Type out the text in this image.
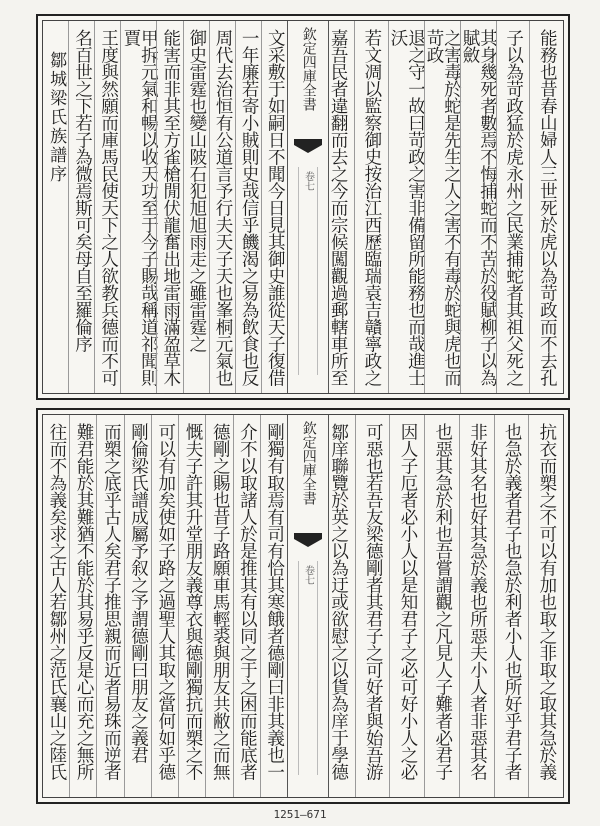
能務也昔春山婦人三世死於虎以為苛政而不去孔
子以為苛政猛於虎永州之民業捕蛇者其祖父死之
其身幾死者數焉不悔捕蛇而不苦於役賦柳子以為賦斂
之害毒於蛇是先生之人之害不有毒於蛇與虎也而苛政
退之守一故曰苛政之害非備留所能務也而哉進士沃
若文凋以監察御史按治江西歷臨瑞袁吉贛寧政之
嘉吾民者違翻而去之今而宗候闖觀過郵轄車所至
欽定四庫全書
卷七
文采敷于如嗣日不聞今日見其御史誰從天子復借
一年廉若寄小賊則史哉信乎饑渴之易為飲食也反
周代去治恒有公道言予行夫天子天也峯桐元氣也
御史雷霆也變山陂石犯旭旭雨走之雖雷霆之
能害而非其至方雀槍閒伏龍奮出地雷雨滿盈草木
甲拆元氣和暢以收天功至于今子賜哉稱道祁聞則賈
王度與然願而庫馬民使天下之人欲教兵德而不可
名百世之下若子為微焉斯可矣母自至羅倫序
鄒城梁氏族譜序
抗衣而槊之不可以有加也取之非取之取其急於義
也急於義者君子也急於利者小人也所好乎君子者
非好其名也好其急於義也所惡夫小人者非惡其名
也惡其急於利也吾嘗謂觀之凡見人子難者必君子
因人子厄者必小人以是知君子之必可好小人之必
可惡也若吾友梁德剛者其君子之可好者與始吾游
鄒庠聯覽於英之以為迂或欲慰之以貨為庠于學德
欽定四庫全書
卷七
剛獨有取焉有司有恰其寒餓者德剛曰非其義也一
介不以取諸人於是推其有以同之于之困而能底者
德剛之賜也昔子路願車馬輕裘與朋友共敝之而無
慨夫子許其升堂朋友義尊衣與德剛獨抗而槊之不
可以有加矣使如子路之過聖人其取之當何如乎德
剛倫梁氏譜成屬予叙之予謂德剛曰朋友之義君
而槊之底乎古人矣君子推思親而近者易珠而逆者
難君能於其難猶不能於其易乎反是心而充之無所
往而不為義矣求之古人若鄒州之范氏襄山之陸氏
1251—671
